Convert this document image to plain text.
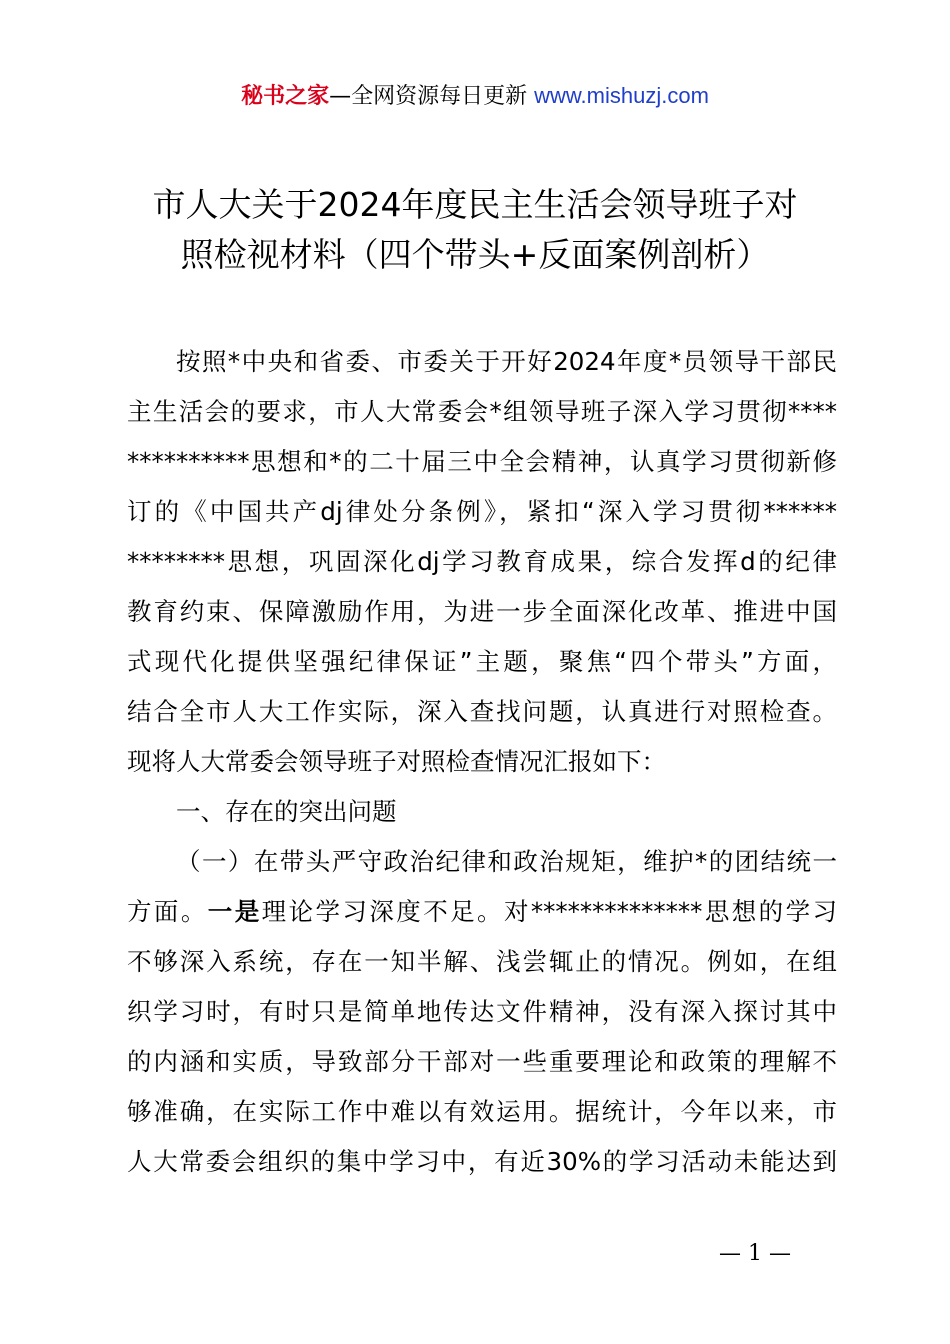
秘书之家—全网资源每日更新 www.mishuzj.com
市人大关于2024年度民主生活会领导班子对
照检视材料（四个带头+反面案例剖析）
按照*中央和省委、市委关于开好2024年度*员领导干部民
主生活会的要求，市人大常委会*组领导班子深入学习贯彻****
**********思想和*的二十届三中全会精神，认真学习贯彻新修
订的《中国共产dj律处分条例》，紧扣“深入学习贯彻******
********思想，巩固深化dj学习教育成果，综合发挥d的纪律
教育约束、保障激励作用，为进一步全面深化改革、推进中国
式现代化提供坚强纪律保证”主题，聚焦“四个带头”方面，
结合全市人大工作实际，深入查找问题，认真进行对照检查。
现将人大常委会领导班子对照检查情况汇报如下：
一、存在的突出问题
（一）在带头严守政治纪律和政治规矩，维护*的团结统一
方面。一是理论学习深度不足。对**************思想的学习
不够深入系统，存在一知半解、浅尝辄止的情况。例如，在组
织学习时，有时只是简单地传达文件精神，没有深入探讨其中
的内涵和实质，导致部分干部对一些重要理论和政策的理解不
够准确，在实际工作中难以有效运用。据统计，今年以来，市
人大常委会组织的集中学习中，有近30%的学习活动未能达到
— 1 —
